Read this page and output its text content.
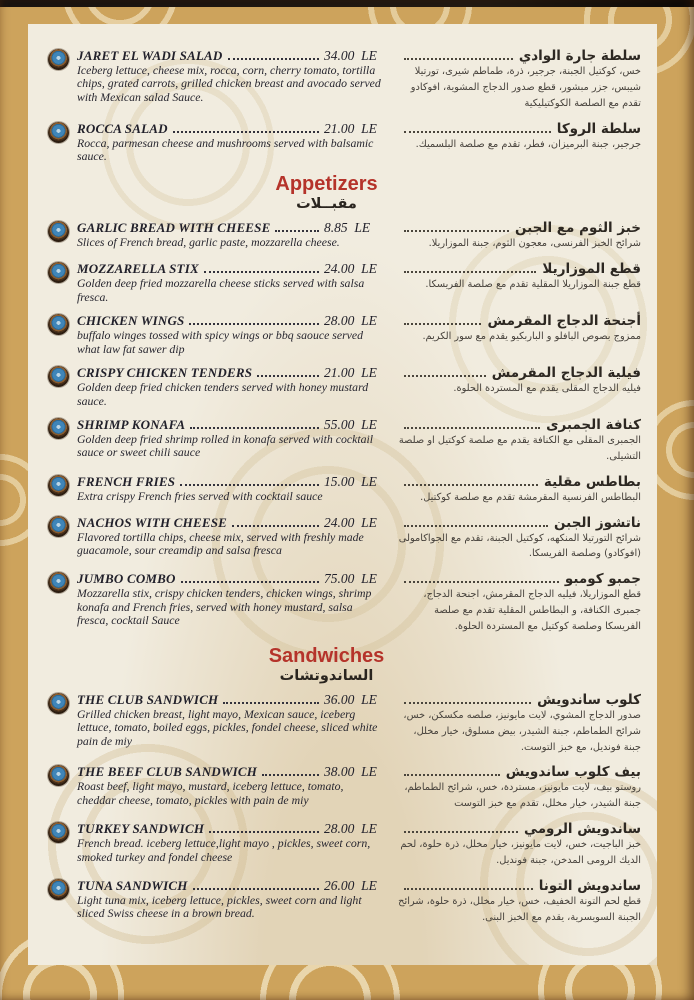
JARET EL WADI SALAD	34.00 LE
Iceberg lettuce, cheese mix, rocca, corn, cherry tomato, tortilla chips, grated carrots, grilled chicken breast and avocado served with Mexican salad Sauce.
سلطة جارة الوادي
خس، كوكتيل الجبنة، جرجير، ذرة، طماطم شيرى، تورتيلا شيبس، جزر مبشور، قطع صدور الدجاج المشوية، افوكادو تقدم مع الصلصة الكوكتيليكية
ROCCA SALAD	21.00 LE
Rocca, parmesan cheese and mushrooms served with balsamic sauce.
سلطة الروكا
جرجير، جبنة البرميزان، فطر، تقدم مع صلصة البلسميك.
Appetizers
مقبــلات
GARLIC BREAD WITH CHEESE	8.85 LE
Slices of French bread, garlic paste, mozzarella cheese.
خبز الثوم مع الجبن
شرائح الخبز الفرنسى، معجون الثوم، جبنة الموزاريلا.
MOZZARELLA STIX	24.00 LE
Golden deep fried mozzarella cheese sticks served with salsa fresca.
قطع الموزاريلا
قطع جبنة الموزاريلا المقلية تقدم مع صلصة الفريسكا.
CHICKEN WINGS	28.00 LE
buffalo winges tossed with spicy wings or bbq saouce served what law fat sawer dip
أجنحة الدجاج المقرمش
ممزوج بصوص البافلو و الباربكيو يقدم مع سور الكريم.
CRISPY CHICKEN TENDERS	21.00 LE
Golden deep fried chicken tenders served with honey mustard sauce.
فيلية الدجاج المقرمش
فيليه الدجاج المقلى يقدم مع المستردة الحلوة.
SHRIMP KONAFA	55.00 LE
Golden deep fried shrimp rolled in konafa served with cocktail sauce or sweet chili sauce
كنافة الجمبرى
الجمبرى المقلى مع الكنافة يقدم مع صلصة كوكتيل او صلصة التشيلى.
FRENCH FRIES	15.00 LE
Extra crispy French fries served with cocktail sauce
بطاطس مقلية
البطاطس الفرنسية المقرمشة تقدم مع صلصة كوكتيل.
NACHOS WITH CHEESE	24.00 LE
Flavored tortilla chips, cheese mix, served with freshly made guacamole, sour creamdip and salsa fresca
ناتشوز الجبن
شرائح التورتيلا المنكهه، كوكتيل الجبنة، تقدم مع الجواكامولى (افوكادو) وصلصة الفريسكا.
JUMBO COMBO	75.00 LE
Mozzarella stix, crispy chicken tenders, chicken wings, shrimp konafa and French fries, served with honey mustard, salsa fresca, cocktail Sauce
جمبو كومبو
قطع الموزاريلا، فيليه الدجاج المقرمش، اجنحة الدجاج، جمبرى الكنافة، و البطاطس المقلية تقدم مع صلصة الفريسكا وصلصة كوكتيل مع المستردة الحلوة.
Sandwiches
الساندوتشات
THE CLUB SANDWICH	36.00 LE
Grilled chicken breast, light mayo, Mexican sauce, iceberg lettuce, tomato, boiled eggs, pickles, fondel cheese, sliced white pain de miy
كلوب ساندويش
صدور الدجاج المشوي، لايت مايونيز، صلصه مكسكن، خس، شرائح الطماطم، جبنة الشيدر، بيض مسلوق، خيار مخلل، جبنة فونديل، مع خبز التوست.
THE BEEF CLUB SANDWICH	38.00 LE
Roast beef, light mayo, mustard, iceberg lettuce, tomato, cheddar cheese, tomato, pickles with pain de miy
بيف كلوب ساندويش
روستو بيف، لايت مايونيز، مستردة، خس، شرائح الطماطم، جبنة الشيدر، خيار مخلل، تقدم مع خبز التوست
TURKEY SANDWICH	28.00 LE
French bread. iceberg lettuce,light mayo , pickles, sweet corn, smoked turkey and fondel cheese
ساندويش الرومي
خبز الباجيت، خس، لايت مايونيز، خيار مخلل، ذرة حلوة، لحم الديك الرومى المدخن، جبنة فونديل.
TUNA SANDWICH	26.00 LE
Light tuna mix, iceberg lettuce, pickles, sweet corn and light sliced Swiss cheese in a brown bread.
ساندويش التونا
قطع لحم التونة الخفيف، خس، خيار مخلل، ذرة حلوة، شرائح الجبنة السويسرية، يقدم مع الخبز البنى.
